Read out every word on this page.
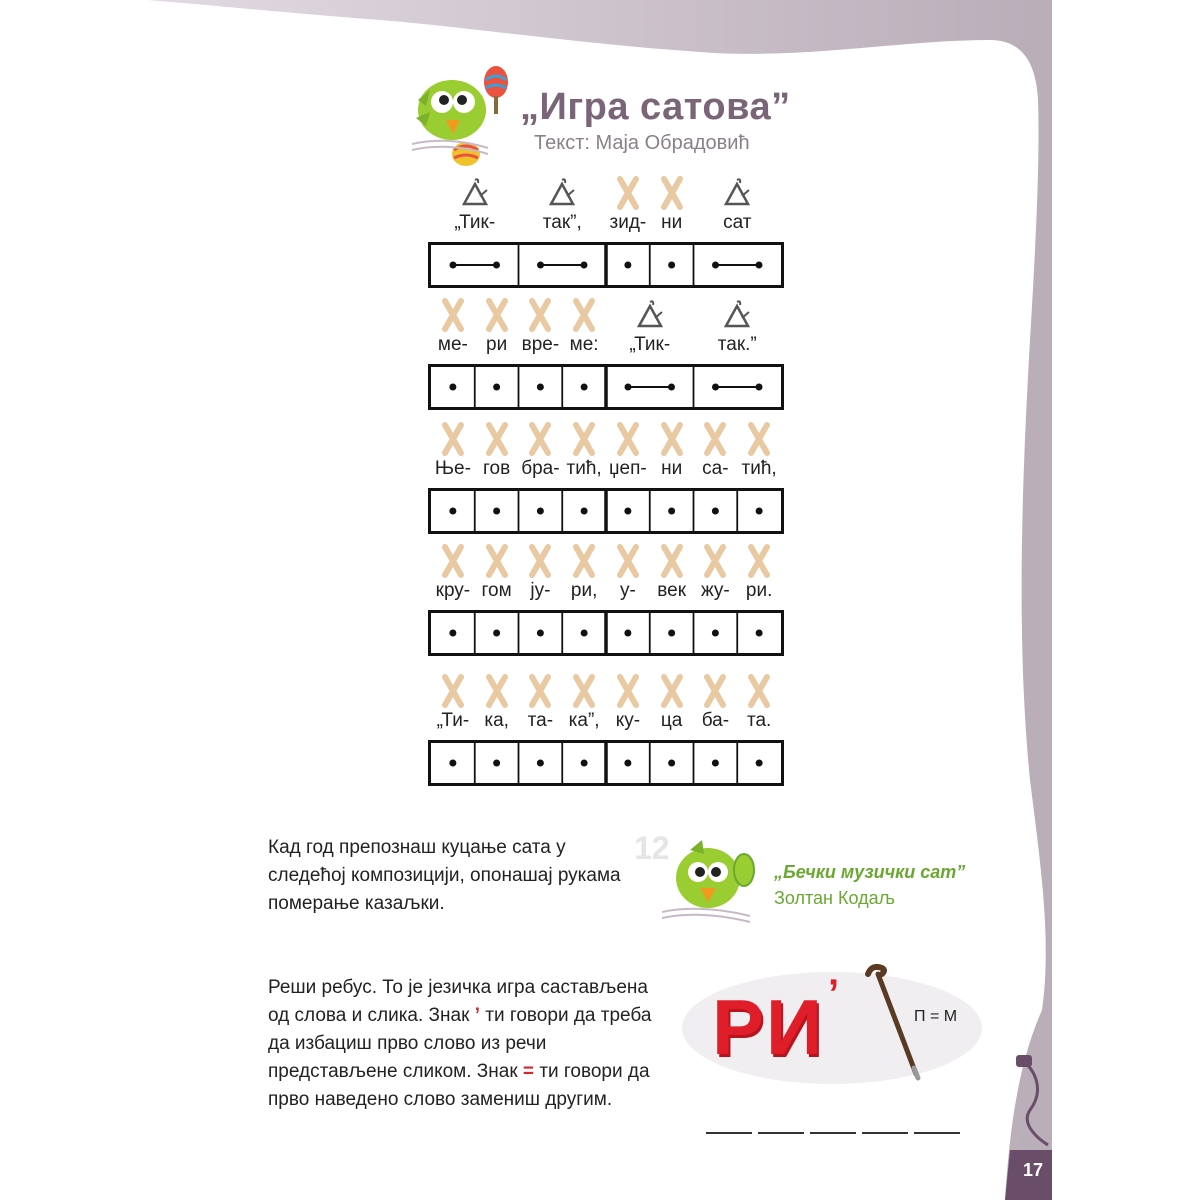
„Игра сатова”
Текст: Маја Обрадовић
„Тик-	так”, зид- ни сат
ме- ри вре- ме: „Тик-	так.”
Ње- гов бра- тић, џеп- ни са- тић,
кру- гом ју- ри, у- век жу- ри.
„Ти- ка, та- ка”, ку- ца ба- та.
Кад год препознаш куцање сата у следећој композицији, опонашај рукама померање казаљки.
12
„Бечки музички сат”
Золтан Кодаљ
Реши ребус. То је језичка игра састављена од слова и слика. Знак ’ ти говори да треба да избациш прво слово из речи представљене сликом. Знак = ти говори да прво наведено слово замениш другим.
РИ ’
П = М
17
